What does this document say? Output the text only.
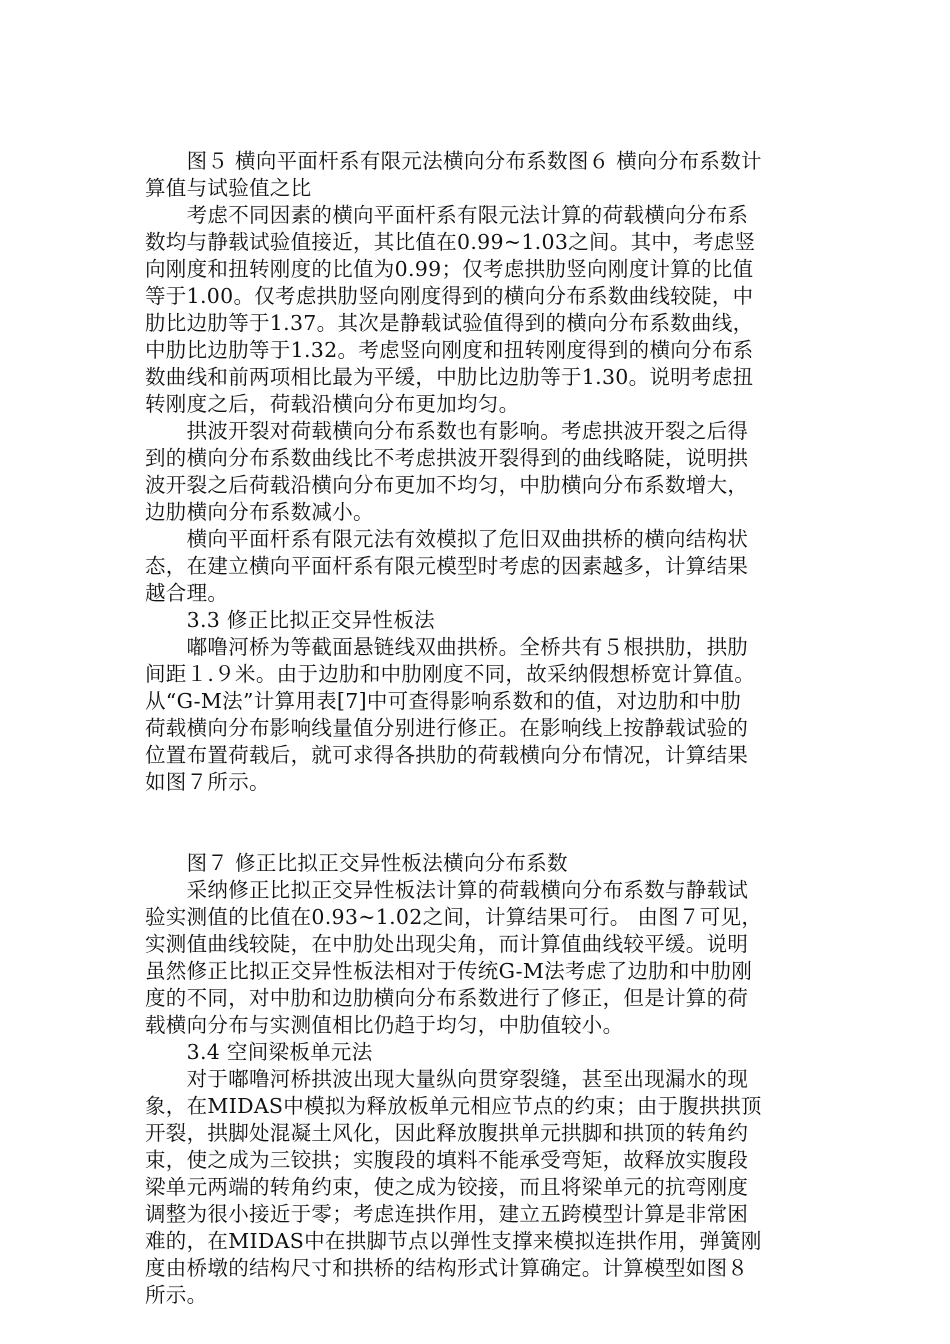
　　图５ 横向平面杆系有限元法横向分布系数图６ 横向分布系数计
算值与试验值之比
　　考虑不同因素的横向平面杆系有限元法计算的荷载横向分布系
数均与静载试验值接近，其比值在0.99~1.03之间。其中，考虑竖
向刚度和扭转刚度的比值为0.99；仅考虑拱肋竖向刚度计算的比值
等于1.00。仅考虑拱肋竖向刚度得到的横向分布系数曲线较陡，中
肋比边肋等于1.37。其次是静载试验值得到的横向分布系数曲线，
中肋比边肋等于1.32。考虑竖向刚度和扭转刚度得到的横向分布系
数曲线和前两项相比最为平缓，中肋比边肋等于1.30。说明考虑扭
转刚度之后，荷载沿横向分布更加均匀。
　　拱波开裂对荷载横向分布系数也有影响。考虑拱波开裂之后得
到的横向分布系数曲线比不考虑拱波开裂得到的曲线略陡，说明拱
波开裂之后荷载沿横向分布更加不均匀，中肋横向分布系数增大，
边肋横向分布系数减小。
　　横向平面杆系有限元法有效模拟了危旧双曲拱桥的横向结构状
态，在建立横向平面杆系有限元模型时考虑的因素越多，计算结果
越合理。
　　3.3 修正比拟正交异性板法
　　嘟噜河桥为等截面悬链线双曲拱桥。全桥共有５根拱肋，拱肋
间距１.９米。由于边肋和中肋刚度不同，故采纳假想桥宽计算值。
从“G-M法”计算用表[7]中可查得影响系数和的值，对边肋和中肋
荷载横向分布影响线量值分别进行修正。在影响线上按静载试验的
位置布置荷载后，就可求得各拱肋的荷载横向分布情况，计算结果
如图７所示。
　　图７ 修正比拟正交异性板法横向分布系数
　　采纳修正比拟正交异性板法计算的荷载横向分布系数与静载试
验实测值的比值在0.93~1.02之间，计算结果可行。 由图７可见，
实测值曲线较陡，在中肋处出现尖角，而计算值曲线较平缓。说明
虽然修正比拟正交异性板法相对于传统G-M法考虑了边肋和中肋刚
度的不同，对中肋和边肋横向分布系数进行了修正，但是计算的荷
载横向分布与实测值相比仍趋于均匀，中肋值较小。
　　3.4 空间梁板单元法
　　对于嘟噜河桥拱波出现大量纵向贯穿裂缝，甚至出现漏水的现
象，在MIDAS中模拟为释放板单元相应节点的约束；由于腹拱拱顶
开裂，拱脚处混凝土风化，因此释放腹拱单元拱脚和拱顶的转角约
束，使之成为三铰拱；实腹段的填料不能承受弯矩，故释放实腹段
梁单元两端的转角约束，使之成为铰接，而且将梁单元的抗弯刚度
调整为很小接近于零；考虑连拱作用，建立五跨模型计算是非常困
难的，在MIDAS中在拱脚节点以弹性支撑来模拟连拱作用，弹簧刚
度由桥墩的结构尺寸和拱桥的结构形式计算确定。计算模型如图８
所示。
